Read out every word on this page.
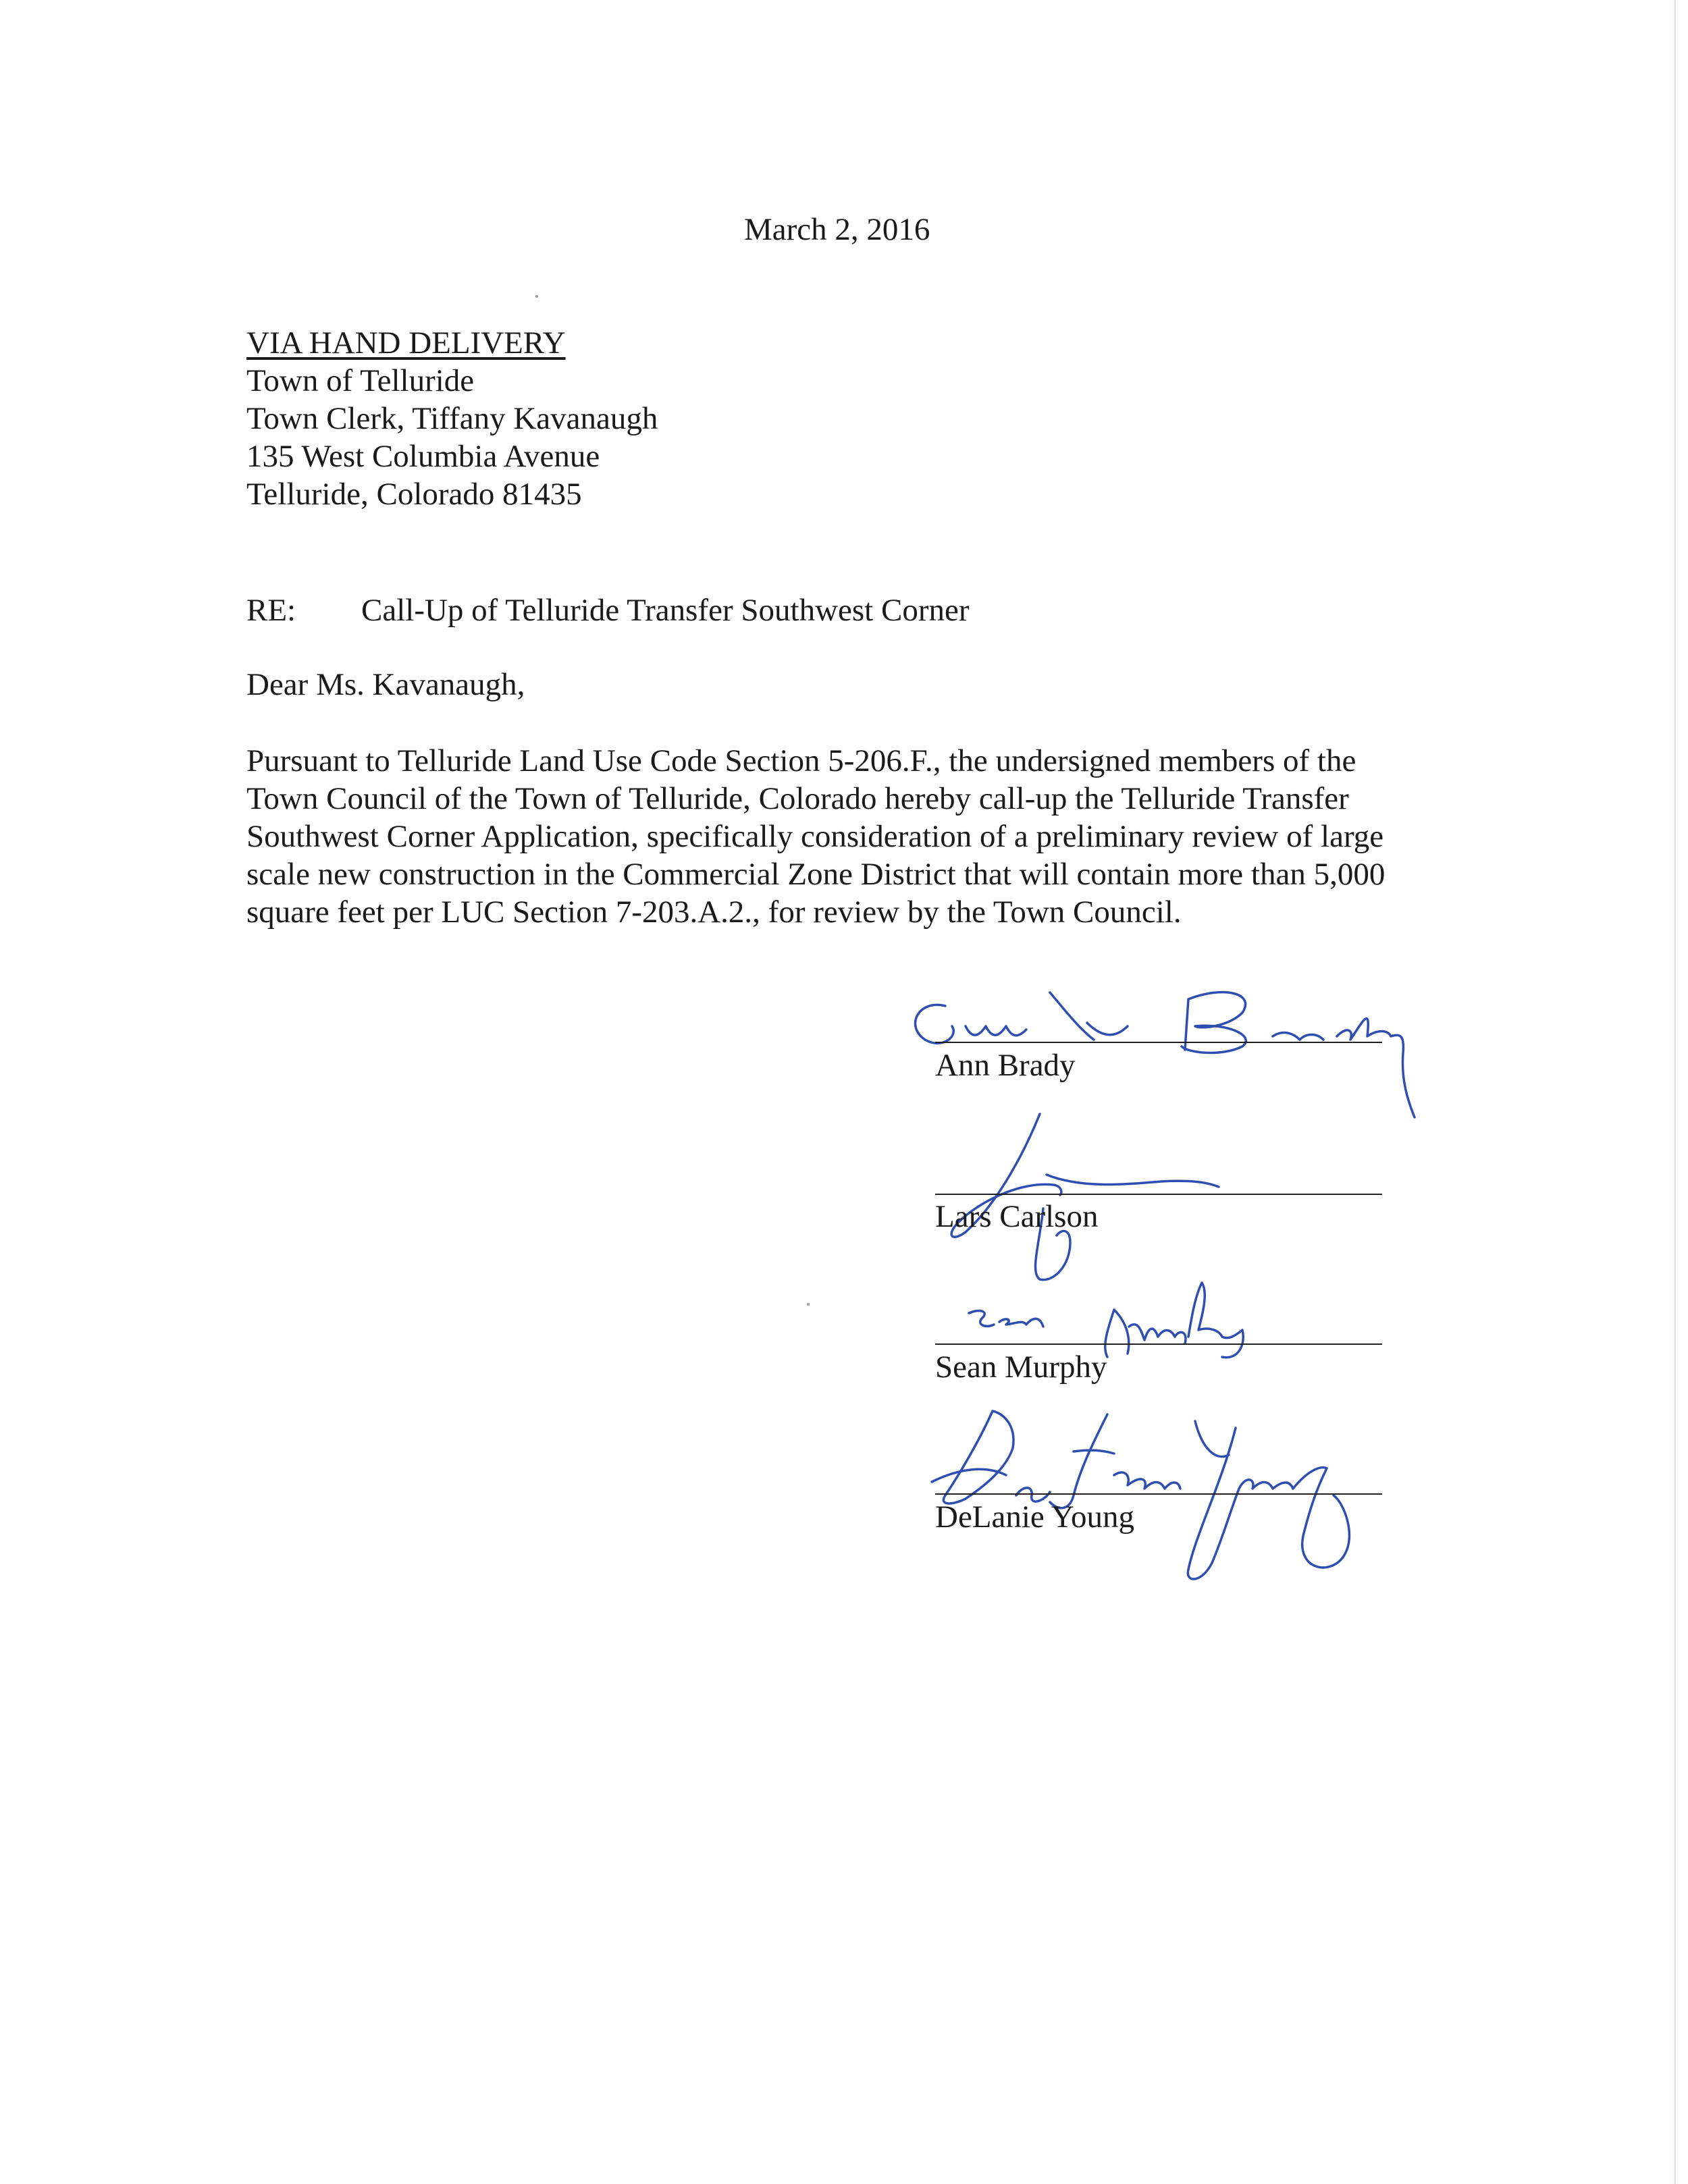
March 2, 2016
VIA HAND DELIVERY
Town of Telluride
Town Clerk, Tiffany Kavanaugh
135 West Columbia Avenue
Telluride, Colorado 81435
RE: Call-Up of Telluride Transfer Southwest Corner
Dear Ms. Kavanaugh,
Pursuant to Telluride Land Use Code Section 5-206.F., the undersigned members of the
Town Council of the Town of Telluride, Colorado hereby call-up the Telluride Transfer
Southwest Corner Application, specifically consideration of a preliminary review of large
scale new construction in the Commercial Zone District that will contain more than 5,000
square feet per LUC Section 7-203.A.2., for review by the Town Council.
Ann Brady
Lars Carlson
Sean Murphy
DeLanie Young
